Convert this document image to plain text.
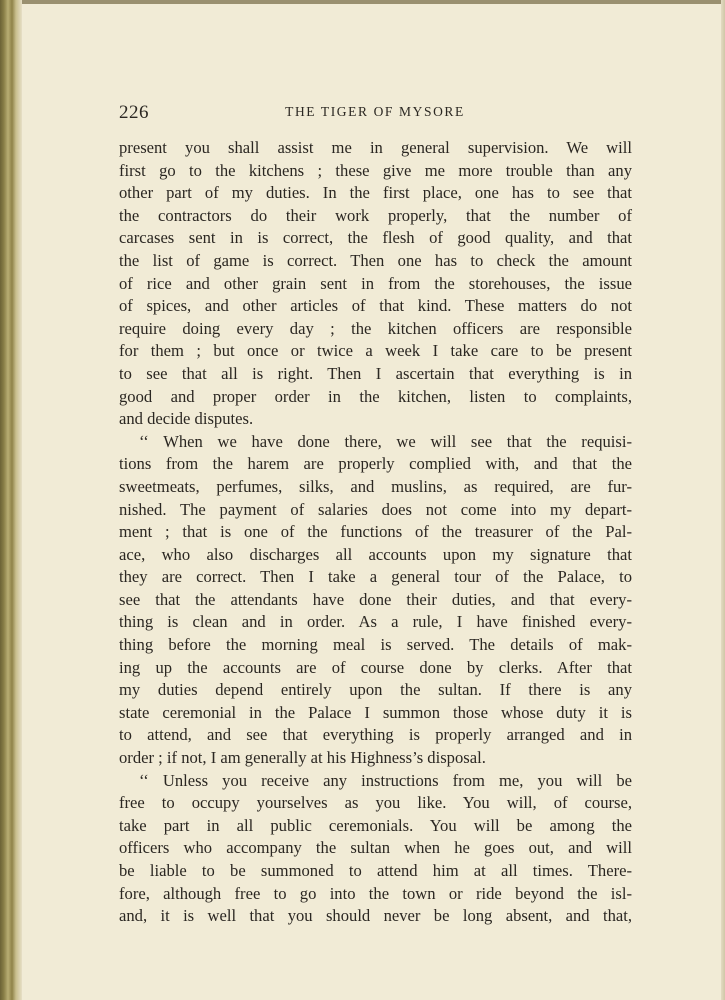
226	THE TIGER OF MYSORE
present you shall assist me in general supervision. We will
first go to the kitchens ; these give me more trouble than any
other part of my duties. In the first place, one has to see that
the contractors do their work properly, that the number of
carcases sent in is correct, the flesh of good quality, and that
the list of game is correct. Then one has to check the amount
of rice and other grain sent in from the storehouses, the issue
of spices, and other articles of that kind. These matters do not
require doing every day ; the kitchen officers are responsible
for them ; but once or twice a week I take care to be present
to see that all is right. Then I ascertain that everything is in
good and proper order in the kitchen, listen to complaints,
and decide disputes.
‘‘ When we have done there, we will see that the requisi-
tions from the harem are properly complied with, and that the
sweetmeats, perfumes, silks, and muslins, as required, are fur-
nished. The payment of salaries does not come into my depart-
ment ; that is one of the functions of the treasurer of the Pal-
ace, who also discharges all accounts upon my signature that
they are correct. Then I take a general tour of the Palace, to
see that the attendants have done their duties, and that every-
thing is clean and in order. As a rule, I have finished every-
thing before the morning meal is served. The details of mak-
ing up the accounts are of course done by clerks. After that
my duties depend entirely upon the sultan. If there is any
state ceremonial in the Palace I summon those whose duty it is
to attend, and see that everything is properly arranged and in
order ; if not, I am generally at his Highness’s disposal.
‘‘ Unless you receive any instructions from me, you will be
free to occupy yourselves as you like. You will, of course,
take part in all public ceremonials. You will be among the
officers who accompany the sultan when he goes out, and will
be liable to be summoned to attend him at all times. There-
fore, although free to go into the town or ride beyond the isl-
and, it is well that you should never be long absent, and that,
